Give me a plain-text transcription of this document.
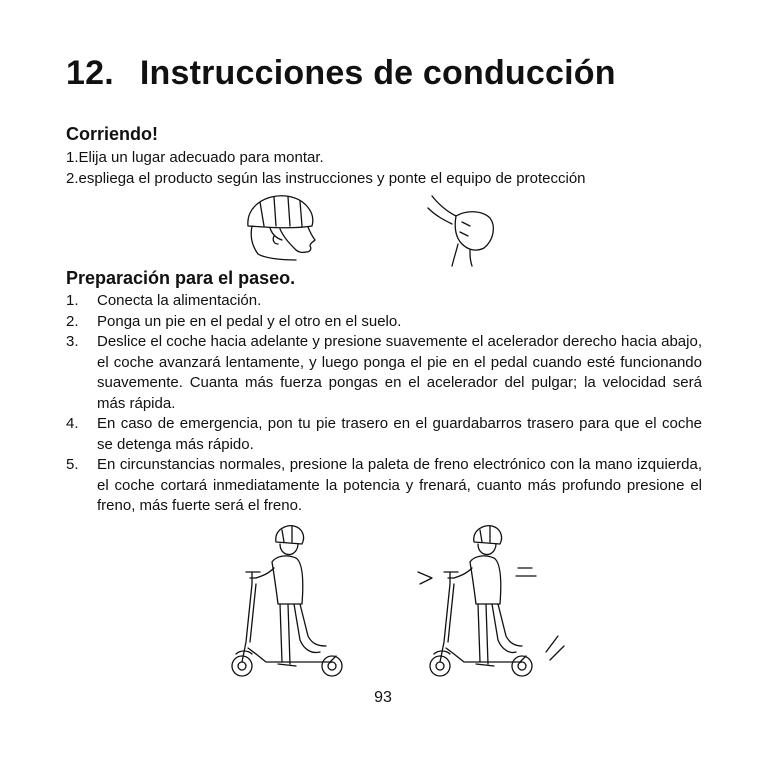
12. Instrucciones de conducción
Corriendo!

1.Elija un lugar adecuado para montar.

2.espliega el producto según las instrucciones y ponte el equipo de protección

Preparación para el paseo.
1. Conecta la alimentación.
2. Ponga un pie en el pedal y el otro en el suelo.
3. Deslice el coche hacia adelante y presione suavemente el acelerador derecho hacia abajo, el coche avanzará lentamente, y luego ponga el pie en el pedal cuando esté funcionando suavemente. Cuanta más fuerza pongas en el acelerador del pulgar; la velocidad será más rápida.
4. En caso de emergencia, pon tu pie trasero en el guardabarros trasero para que el coche se detenga más rápido.
5. En circunstancias normales, presione la paleta de freno electrónico con la mano izquierda, el coche cortará inmediatamente la potencia y frenará, cuanto más profundo presione el freno, más fuerte será el freno.
93
